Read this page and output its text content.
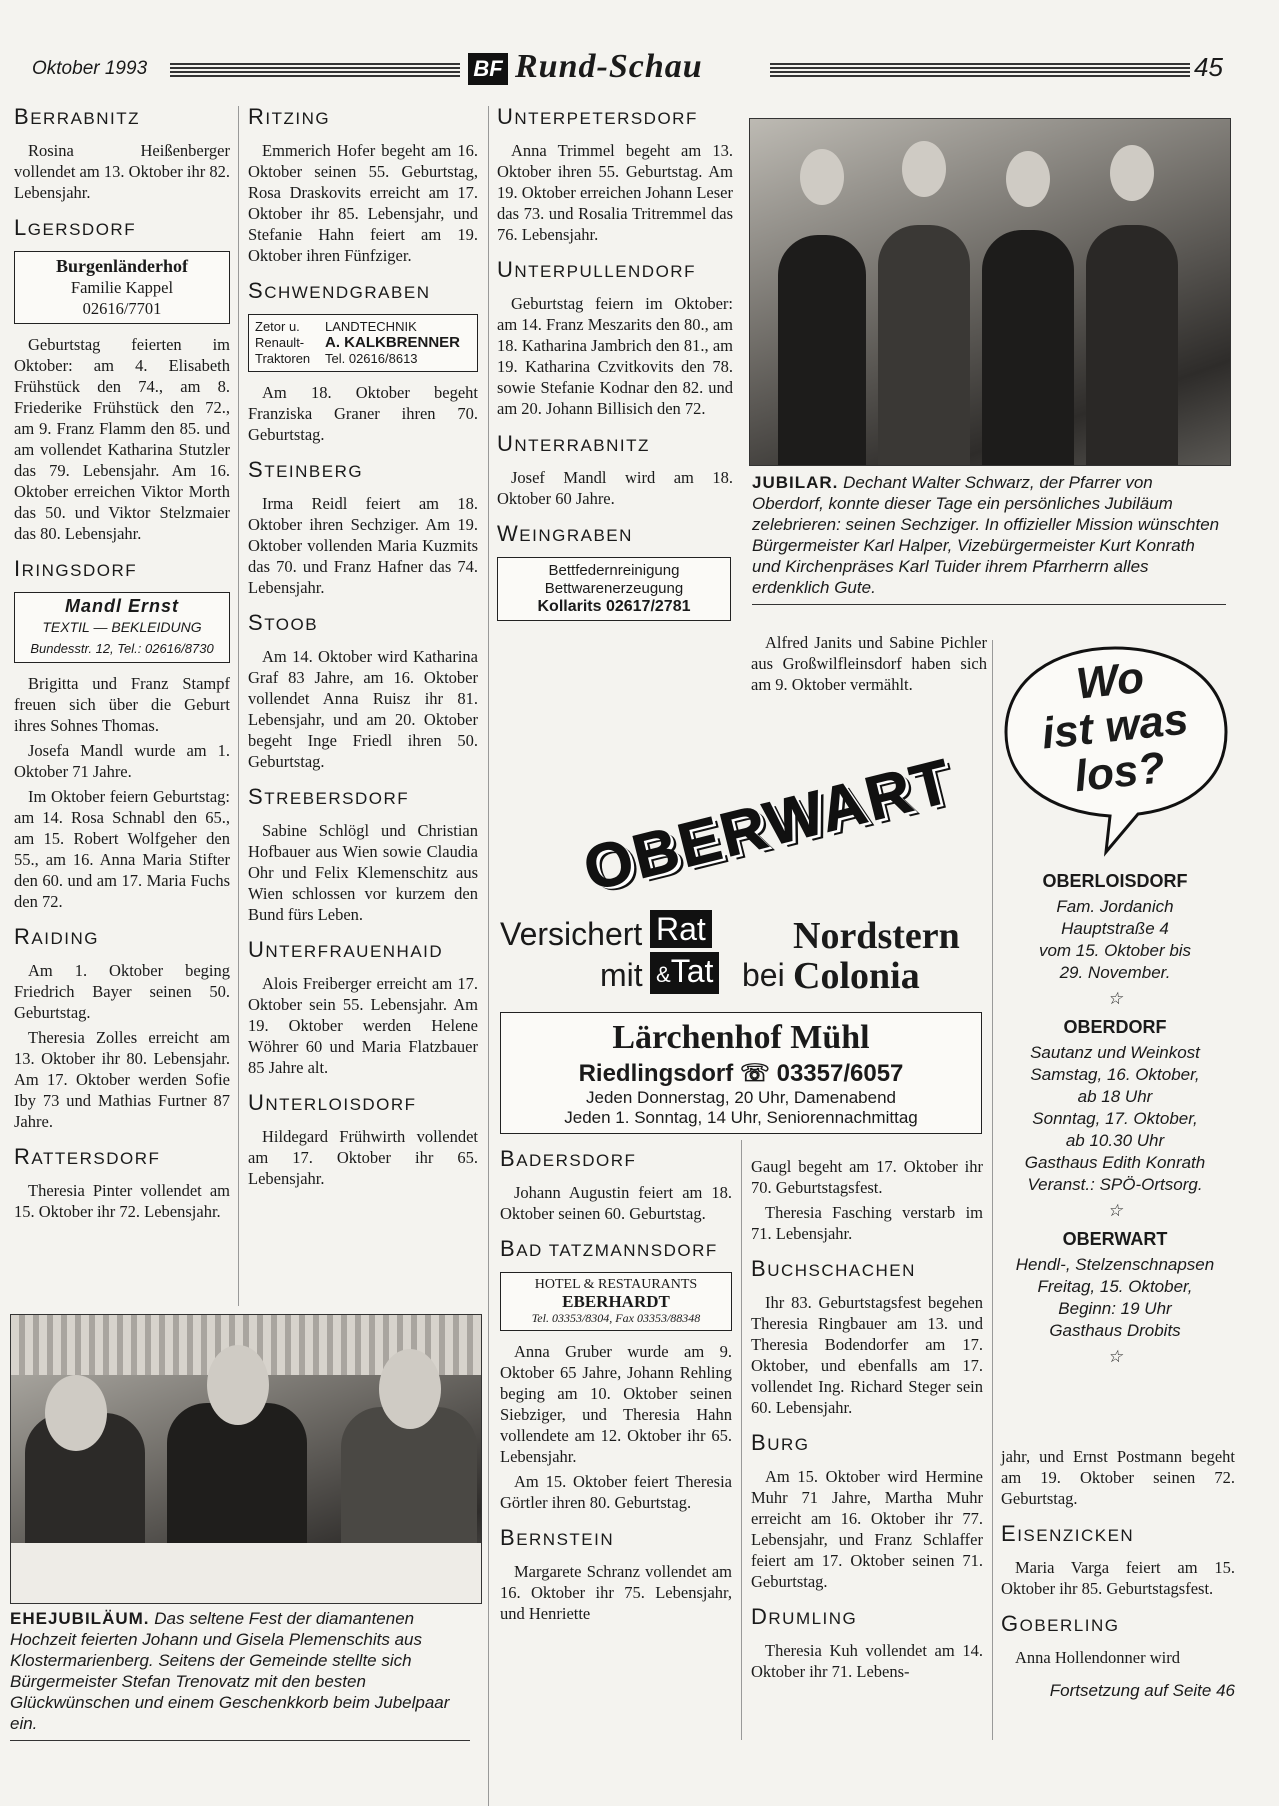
Oktober 1993	BF Rund-Schau	45
BERRABNITZ

Rosina Heißenberger vollendet am 13. Oktober ihr 82. Lebensjahr.

LGERSDORF
Burgenländerhof
Familie Kappel
02616/7701

Geburtstag feierten im Oktober: am 4. Elisabeth Frühstück den 74., am 8. Friederike Frühstück den 72., am 9. Franz Flamm den 85. und am vollendet Katharina Stutzler das 79. Lebensjahr. Am 16. Oktober erreichen Viktor Morth das 50. und Viktor Stelzmaier das 80. Lebensjahr.

IRINGSDORF
Mandl Ernst
TEXTIL — BEKLEIDUNG
Bundesstr. 12, Tel.: 02616/8730

Brigitta und Franz Stampf freuen sich über die Geburt ihres Sohnes Thomas.

Josefa Mandl wurde am 1. Oktober 71 Jahre.

Im Oktober feiern Geburtstag: am 14. Rosa Schnabl den 65., am 15. Robert Wolfgeher den 55., am 16. Anna Maria Stifter den 60. und am 17. Maria Fuchs den 72.

RAIDING

Am 1. Oktober beging Friedrich Bayer seinen 50. Geburtstag.

Theresia Zolles erreicht am 13. Oktober ihr 80. Lebensjahr. Am 17. Oktober werden Sofie Iby 73 und Mathias Furtner 87 Jahre.

RATTERSDORF

Theresia Pinter vollendet am 15. Oktober ihr 72. Lebensjahr.

RITZING

Emmerich Hofer begeht am 16. Oktober seinen 55. Geburtstag, Rosa Draskovits erreicht am 17. Oktober ihr 85. Lebensjahr, und Stefanie Hahn feiert am 19. Oktober ihren Fünfziger.

SCHWENDGRABEN
Zetor u.
Renault-
Traktoren
LANDTECHNIK
A. KALKBRENNER
Tel. 02616/8613

Am 18. Oktober begeht Franziska Graner ihren 70. Geburtstag.

STEINBERG

Irma Reidl feiert am 18. Oktober ihren Sechziger. Am 19. Oktober vollenden Maria Kuzmits das 70. und Franz Hafner das 74. Lebensjahr.

STOOB

Am 14. Oktober wird Katharina Graf 83 Jahre, am 16. Oktober vollendet Anna Ruisz ihr 81. Lebensjahr, und am 20. Oktober begeht Inge Friedl ihren 50. Geburtstag.

STREBERSDORF

Sabine Schlögl und Christian Hofbauer aus Wien sowie Claudia Ohr und Felix Klemenschitz aus Wien schlossen vor kurzem den Bund fürs Leben.

UNTERFRAUENHAID

Alois Freiberger erreicht am 17. Oktober sein 55. Lebensjahr. Am 19. Oktober werden Helene Wöhrer 60 und Maria Flatzbauer 85 Jahre alt.

UNTERLOISDORF

Hildegard Frühwirth vollendet am 17. Oktober ihr 65. Lebensjahr.

UNTERPETERSDORF

Anna Trimmel begeht am 13. Oktober ihren 55. Geburtstag. Am 19. Oktober erreichen Johann Leser das 73. und Rosalia Tritremmel das 76. Lebensjahr.

UNTERPULLENDORF

Geburtstag feiern im Oktober: am 14. Franz Meszarits den 80., am 18. Katharina Jambrich den 81., am 19. Katharina Czvitkovits den 78. sowie Stefanie Kodnar den 82. und am 20. Johann Billisich den 72.

UNTERRABNITZ

Josef Mandl wird am 18. Oktober 60 Jahre.

WEINGRABEN
Bettfedernreinigung
Bettwarenerzeugung
Kollarits 02617/2781
JUBILAR. Dechant Walter Schwarz, der Pfarrer von Oberdorf, konnte dieser Tage ein persönliches Jubiläum zelebrieren: seinen Sechziger. In offizieller Mission wünschten Bürgermeister Karl Halper, Vizebürgermeister Kurt Konrath und Kirchenpräses Karl Tuider ihrem Pfarrherrn alles erdenklich Gute.

Alfred Janits und Sabine Pichler aus Großwilfleinsdorf haben sich am 9. Oktober vermählt.

OBERWART
Versichert
mit
Rat
&Tat bei
Nordstern
Colonia
Lärchenhof Mühl
Riedlingsdorf ☏ 03357/6057
Jeden Donnerstag, 20 Uhr, Damenabend
Jeden 1. Sonntag, 14 Uhr, Seniorennachmittag
BADERSDORF

Johann Augustin feiert am 18. Oktober seinen 60. Geburtstag.

BAD TATZMANNSDORF
HOTEL & RESTAURANTS
EBERHARDT
Tel. 03353/8304, Fax 03353/88348

Anna Gruber wurde am 9. Oktober 65 Jahre, Johann Rehling beging am 10. Oktober seinen Siebziger, und Theresia Hahn vollendete am 12. Oktober ihr 65. Lebensjahr.

Am 15. Oktober feiert Theresia Görtler ihren 80. Geburtstag.

BERNSTEIN

Margarete Schranz vollendet am 16. Oktober ihr 75. Lebensjahr, und Henriette

Gaugl begeht am 17. Oktober ihr 70. Geburtstagsfest.

Theresia Fasching verstarb im 71. Lebensjahr.

BUCHSCHACHEN

Ihr 83. Geburtstagsfest begehen Theresia Ringbauer am 13. und Theresia Bodendorfer am 17. Oktober, und ebenfalls am 17. vollendet Ing. Richard Steger sein 60. Lebensjahr.

BURG

Am 15. Oktober wird Hermine Muhr 71 Jahre, Martha Muhr erreicht am 16. Oktober ihr 77. Lebensjahr, und Franz Schlaffer feiert am 17. Oktober seinen 71. Geburtstag.

DRUMLING

Theresia Kuh vollendet am 14. Oktober ihr 71. Lebens-

Wo
ist was
los?
OBERLOISDORF
Fam. Jordanich
Hauptstraße 4
vom 15. Oktober bis
29. November.
☆
OBERDORF
Sautanz und Weinkost
Samstag, 16. Oktober,
ab 18 Uhr
Sonntag, 17. Oktober,
ab 10.30 Uhr
Gasthaus Edith Konrath
Veranst.: SPÖ-Ortsorg.
☆
OBERWART
Hendl-, Stelzenschnapsen
Freitag, 15. Oktober,
Beginn: 19 Uhr
Gasthaus Drobits
☆

jahr, und Ernst Postmann begeht am 19. Oktober seinen 72. Geburtstag.

EISENZICKEN

Maria Varga feiert am 15. Oktober ihr 85. Geburtstagsfest.

GOBERLING

Anna Hollendonner wird

Fortsetzung auf Seite 46
EHEJUBILÄUM. Das seltene Fest der diamantenen Hochzeit feierten Johann und Gisela Plemenschits aus Klostermarienberg. Seitens der Gemeinde stellte sich Bürgermeister Stefan Trenovatz mit den besten Glückwünschen und einem Geschenkkorb beim Jubelpaar ein.
